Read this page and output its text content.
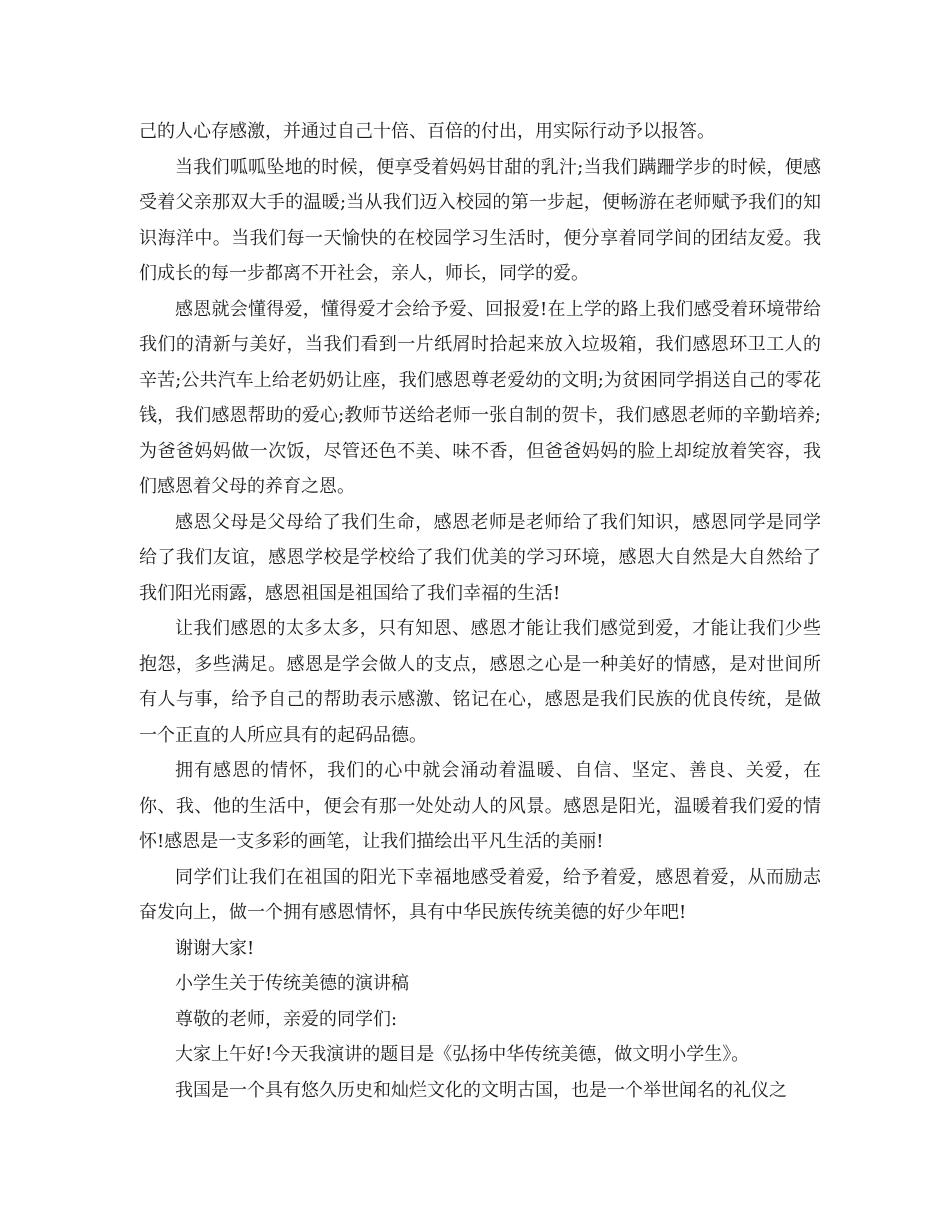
己的人心存感激，并通过自己十倍、百倍的付出，用实际行动予以报答。

当我们呱呱坠地的时候，便享受着妈妈甘甜的乳汁;当我们蹒跚学步的时候，便感受着父亲那双大手的温暖;当从我们迈入校园的第一步起，便畅游在老师赋予我们的知识海洋中。当我们每一天愉快的在校园学习生活时，便分享着同学间的团结友爱。我们成长的每一步都离不开社会，亲人，师长，同学的爱。

感恩就会懂得爱，懂得爱才会给予爱、回报爱!在上学的路上我们感受着环境带给我们的清新与美好，当我们看到一片纸屑时拾起来放入垃圾箱，我们感恩环卫工人的辛苦;公共汽车上给老奶奶让座，我们感恩尊老爱幼的文明;为贫困同学捐送自己的零花钱，我们感恩帮助的爱心;教师节送给老师一张自制的贺卡，我们感恩老师的辛勤培养;为爸爸妈妈做一次饭，尽管还色不美、味不香，但爸爸妈妈的脸上却绽放着笑容，我们感恩着父母的养育之恩。

感恩父母是父母给了我们生命，感恩老师是老师给了我们知识，感恩同学是同学给了我们友谊，感恩学校是学校给了我们优美的学习环境，感恩大自然是大自然给了我们阳光雨露，感恩祖国是祖国给了我们幸福的生活!

让我们感恩的太多太多，只有知恩、感恩才能让我们感觉到爱，才能让我们少些抱怨，多些满足。感恩是学会做人的支点，感恩之心是一种美好的情感，是对世间所有人与事，给予自己的帮助表示感激、铭记在心，感恩是我们民族的优良传统，是做一个正直的人所应具有的起码品德。

拥有感恩的情怀，我们的心中就会涌动着温暖、自信、坚定、善良、关爱，在你、我、他的生活中，便会有那一处处动人的风景。感恩是阳光，温暖着我们爱的情怀!感恩是一支多彩的画笔，让我们描绘出平凡生活的美丽!

同学们让我们在祖国的阳光下幸福地感受着爱，给予着爱，感恩着爱，从而励志奋发向上，做一个拥有感恩情怀，具有中华民族传统美德的好少年吧!

谢谢大家!

小学生关于传统美德的演讲稿

尊敬的老师，亲爱的同学们:

大家上午好!今天我演讲的题目是《弘扬中华传统美德，做文明小学生》。

我国是一个具有悠久历史和灿烂文化的文明古国，也是一个举世闻名的礼仪之
